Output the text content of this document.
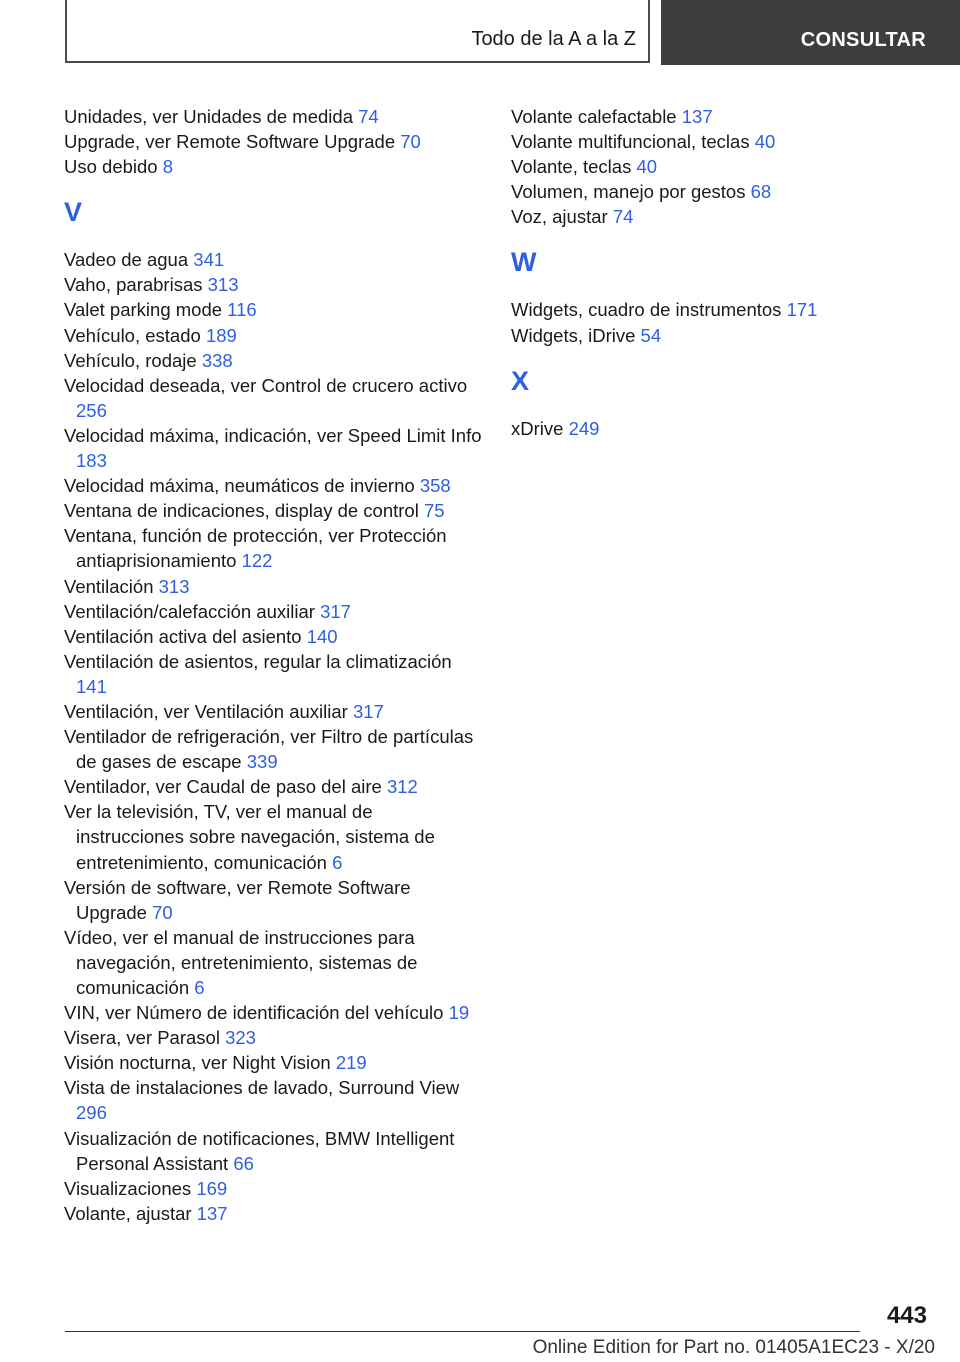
Todo de la A a la Z	CONSULTAR
Unidades, ver Unidades de medida 74
Upgrade, ver Remote Software Upgrade 70
Uso debido 8
V
Vadeo de agua 341
Vaho, parabrisas 313
Valet parking mode 116
Vehículo, estado 189
Vehículo, rodaje 338
Velocidad deseada, ver Control de crucero activo 256
Velocidad máxima, indicación, ver Speed Limit Info 183
Velocidad máxima, neumáticos de invierno 358
Ventana de indicaciones, display de control 75
Ventana, función de protección, ver Protección antiaprisionamiento 122
Ventilación 313
Ventilación/calefacción auxiliar 317
Ventilación activa del asiento 140
Ventilación de asientos, regular la climatización 141
Ventilación, ver Ventilación auxiliar 317
Ventilador de refrigeración, ver Filtro de partículas de gases de escape 339
Ventilador, ver Caudal de paso del aire 312
Ver la televisión, TV, ver el manual de instrucciones sobre navegación, sistema de entretenimiento, comunicación 6
Versión de software, ver Remote Software Upgrade 70
Vídeo, ver el manual de instrucciones para navegación, entretenimiento, sistemas de comunicación 6
VIN, ver Número de identificación del vehículo 19
Visera, ver Parasol 323
Visión nocturna, ver Night Vision 219
Vista de instalaciones de lavado, Surround View 296
Visualización de notificaciones, BMW Intelligent Personal Assistant 66
Visualizaciones 169
Volante, ajustar 137
Volante calefactable 137
Volante multifuncional, teclas 40
Volante, teclas 40
Volumen, manejo por gestos 68
Voz, ajustar 74
W
Widgets, cuadro de instrumentos 171
Widgets, iDrive 54
X
xDrive 249
443
Online Edition for Part no. 01405A1EC23 - X/20
